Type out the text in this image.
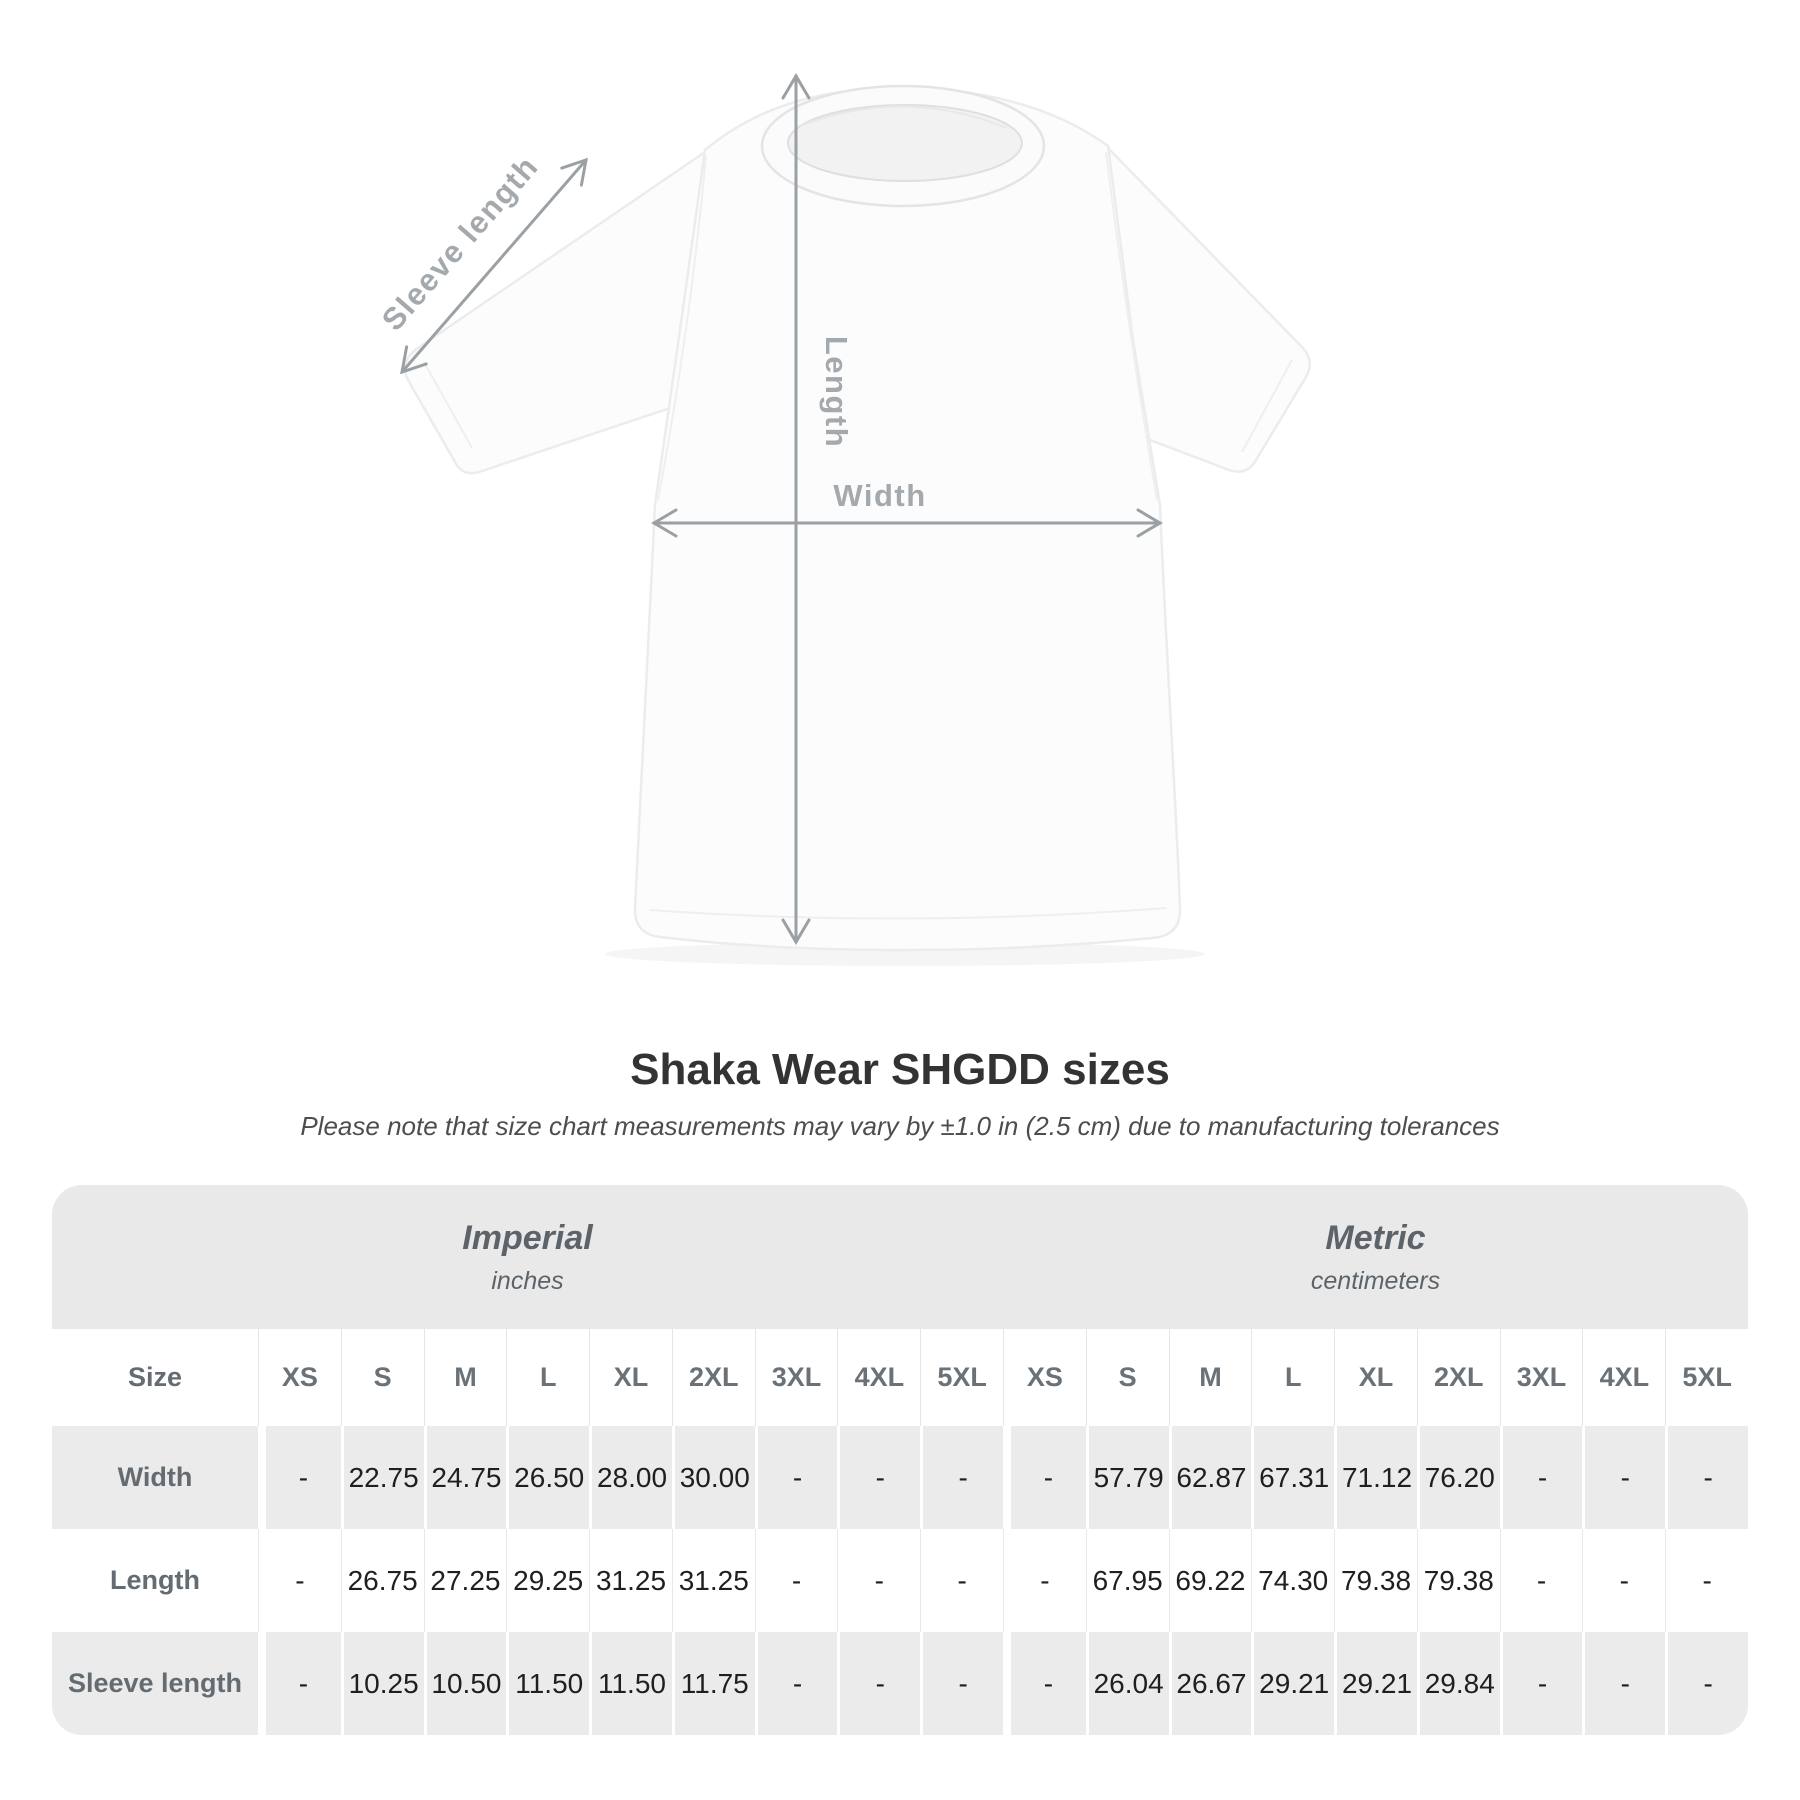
Sleeve length
Length
Width
Shaka Wear SHGDD sizes

Please note that size chart measurements may vary by ±1.0 in (2.5 cm) due to manufacturing tolerances

Imperial
inches
Metric
centimeters
Size	XS	S	M	L	XL	2XL	3XL	4XL	5XL	XS	S	M	L	XL	2XL	3XL	4XL	5XL
Width	-	22.75 24.75 26.50 28.00 30.00	-	-	-	-	57.79 62.87 67.31 71.12 76.20	-	-	-
Length	-	26.75 27.25 29.25 31.25 31.25	-	-	-	-	67.95 69.22 74.30 79.38 79.38	-	-	-
Sleeve length	-	10.25 10.50 11.50 11.50 11.75	-	-	-	-	26.04 26.67 29.21 29.21 29.84	-	-	-
